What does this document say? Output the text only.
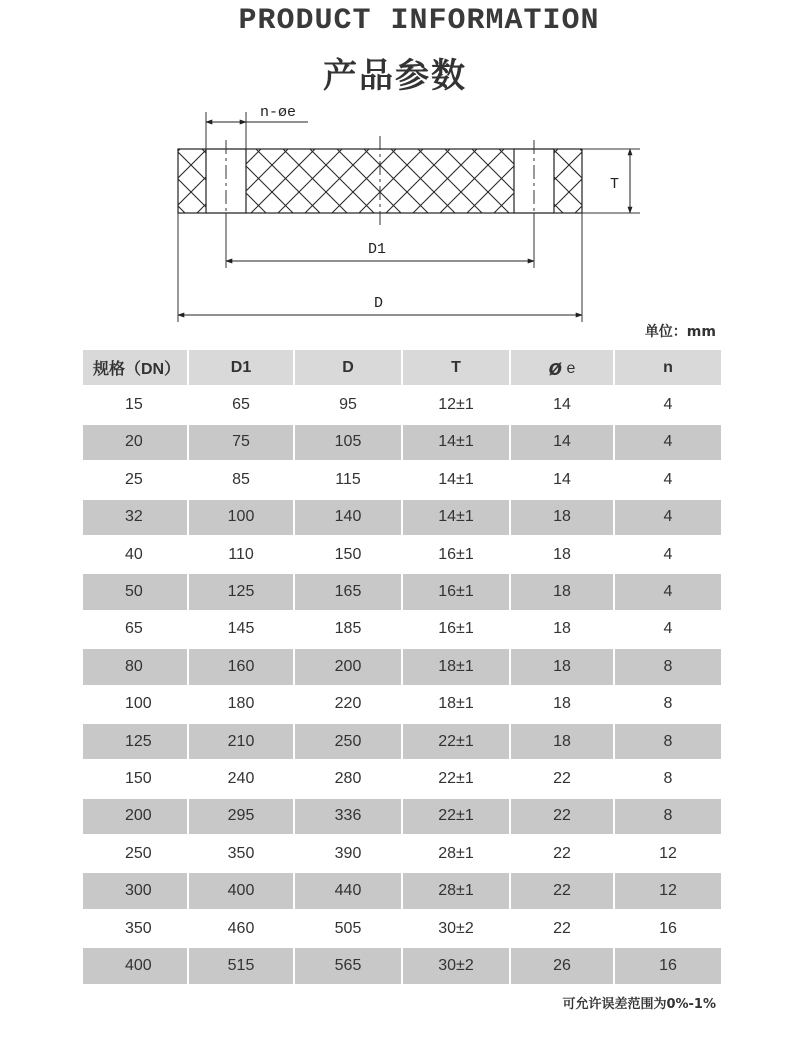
PRODUCT INFORMATION
产品参数
n-øe
T
D1
D
单位：mm
规格（DN）	D1	D	T	ø e	n
15	65	95	12±1	14	4
20	75	105	14±1	14	4
25	85	115	14±1	14	4
32	100	140	14±1	18	4
40	110	150	16±1	18	4
50	125	165	16±1	18	4
65	145	185	16±1	18	4
80	160	200	18±1	18	8
100	180	220	18±1	18	8
125	210	250	22±1	18	8
150	240	280	22±1	22	8
200	295	336	22±1	22	8
250	350	390	28±1	22	12
300	400	440	28±1	22	12
350	460	505	30±2	22	16
400	515	565	30±2	26	16
可允许误差范围为0%-1%
